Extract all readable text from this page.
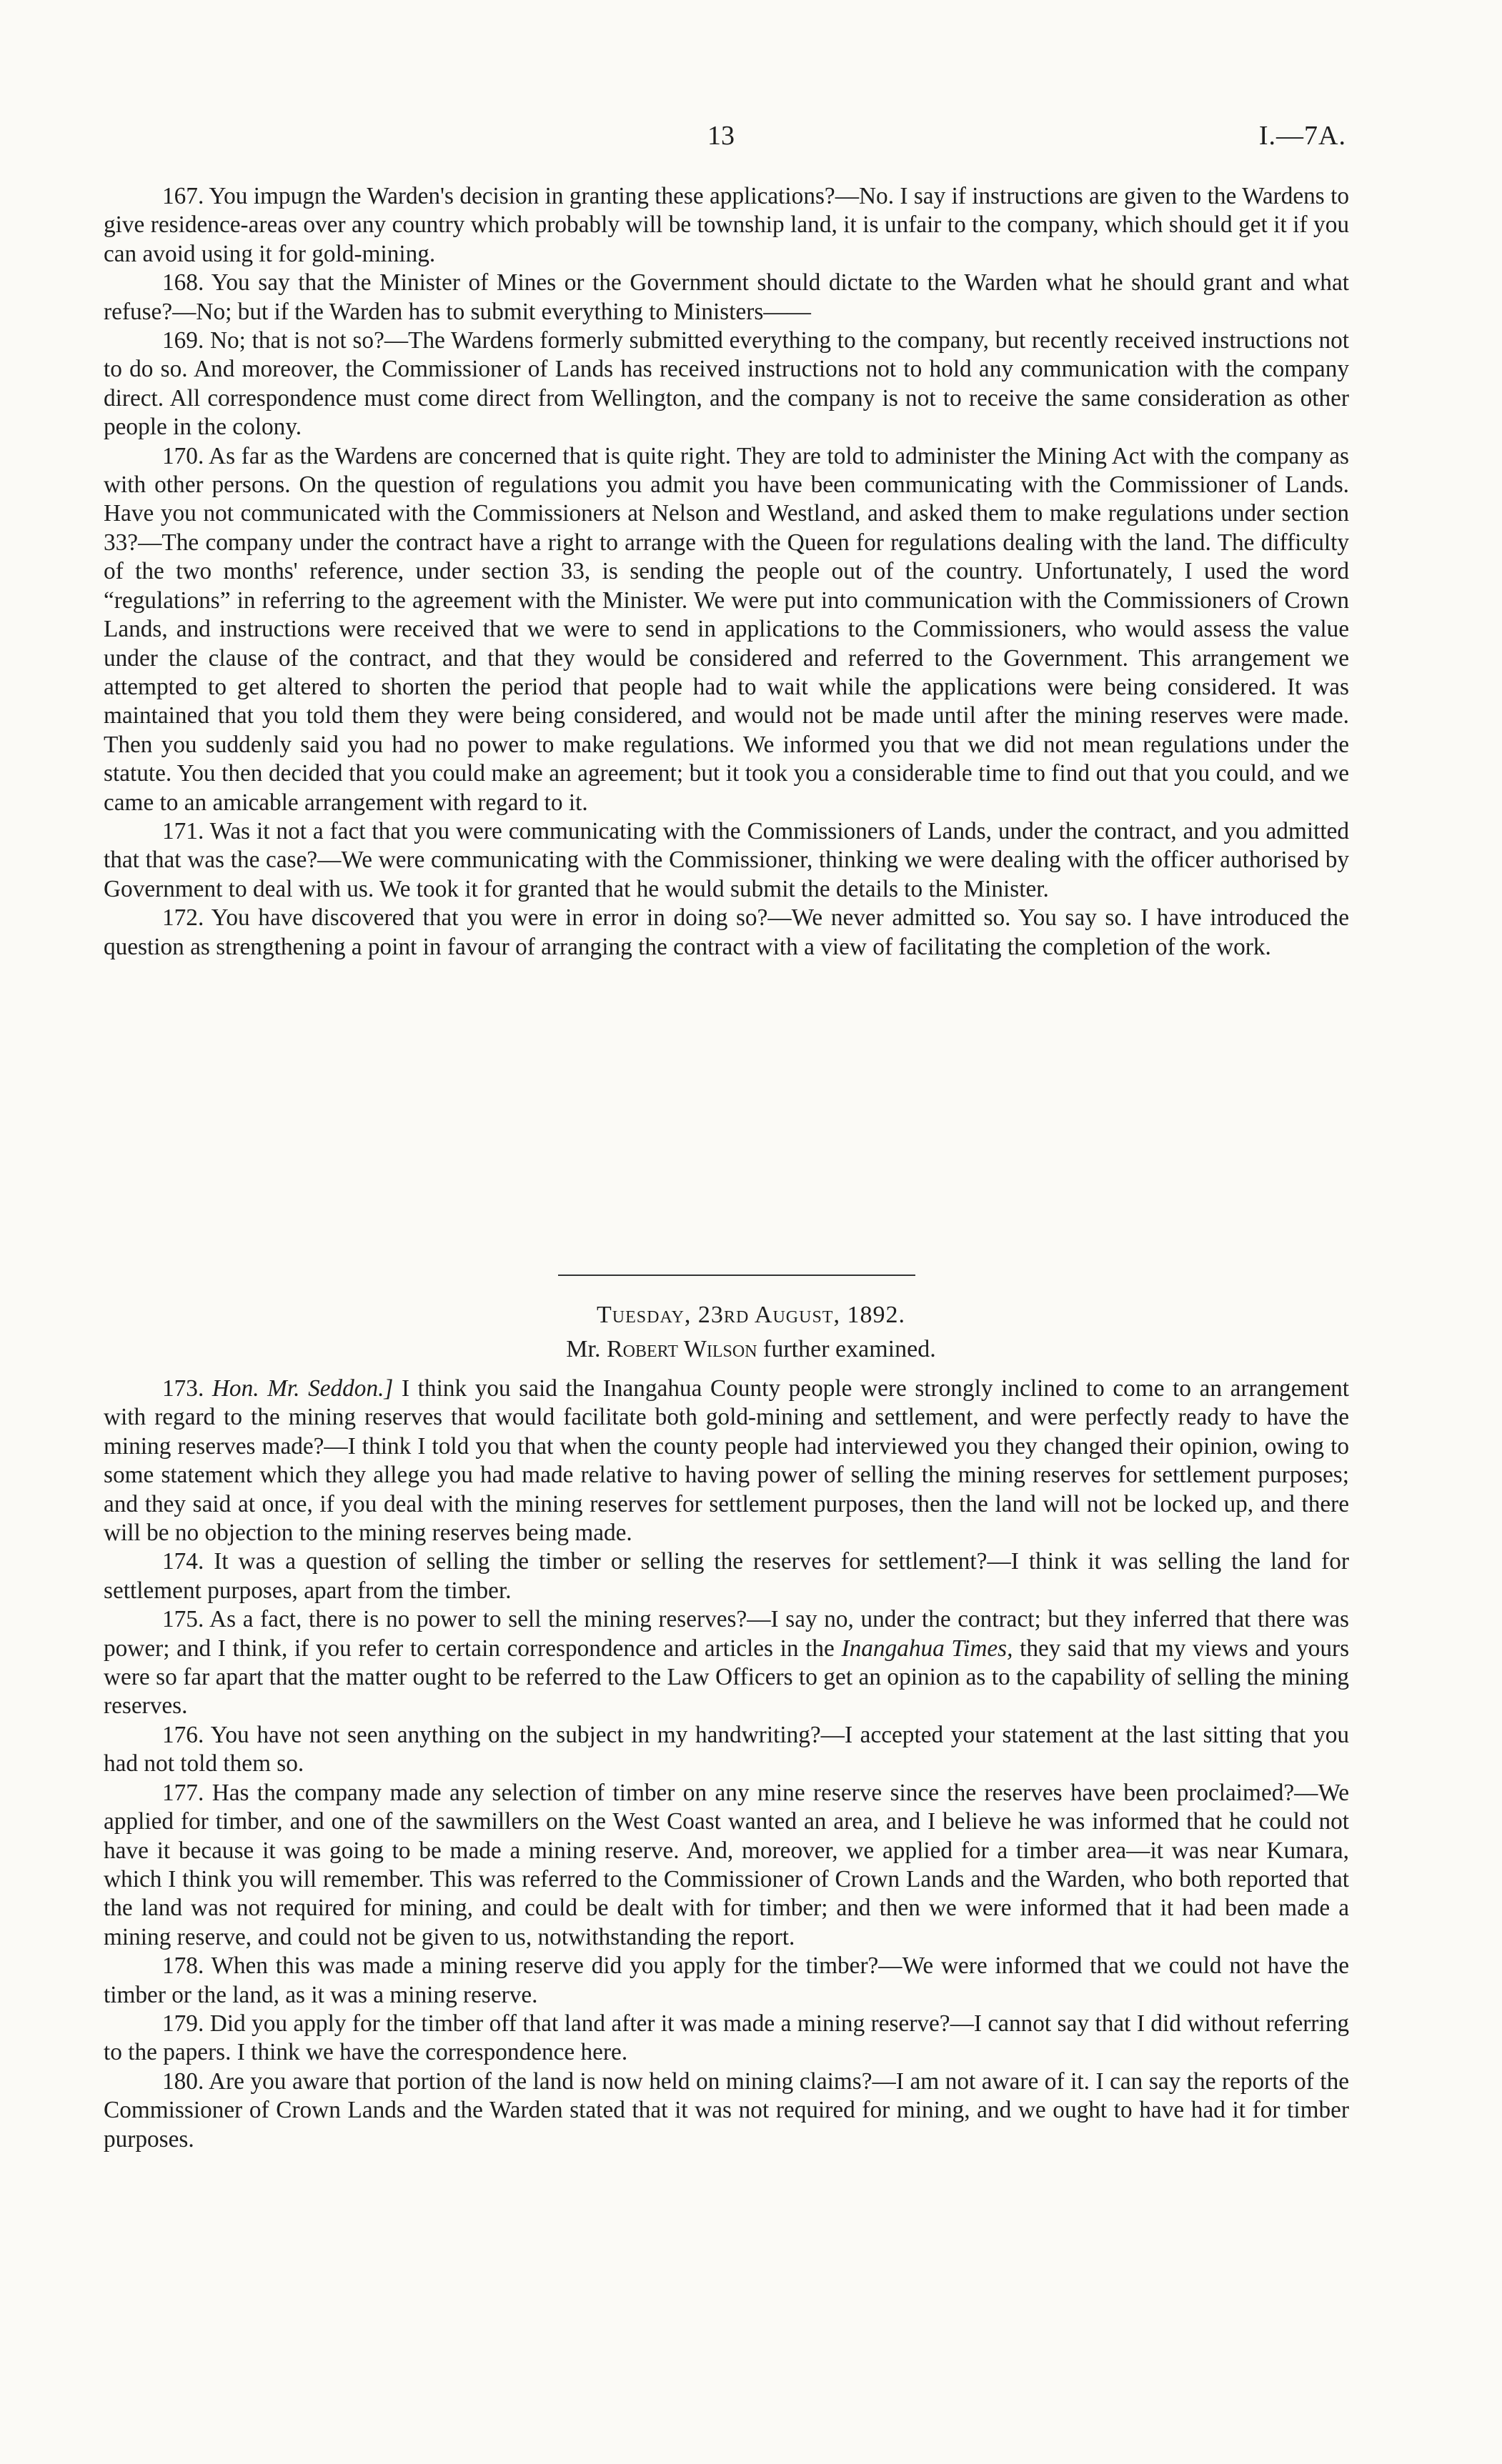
13	I.—7A.

167. You impugn the Warden's decision in granting these applications?—No. I say if instructions are given to the Wardens to give residence-areas over any country which probably will be township land, it is unfair to the company, which should get it if you can avoid using it for gold-mining.

168. You say that the Minister of Mines or the Government should dictate to the Warden what he should grant and what refuse?—No; but if the Warden has to submit everything to Ministers——

169. No; that is not so?—The Wardens formerly submitted everything to the company, but recently received instructions not to do so. And moreover, the Commissioner of Lands has received instructions not to hold any communication with the company direct. All correspondence must come direct from Wellington, and the company is not to receive the same consideration as other people in the colony.

170. As far as the Wardens are concerned that is quite right. They are told to administer the Mining Act with the company as with other persons. On the question of regulations you admit you have been communicating with the Commissioner of Lands. Have you not communicated with the Commissioners at Nelson and Westland, and asked them to make regulations under section 33?—The company under the contract have a right to arrange with the Queen for regulations dealing with the land. The difficulty of the two months' reference, under section 33, is sending the people out of the country. Unfortunately, I used the word “regulations” in referring to the agreement with the Minister. We were put into communication with the Commissioners of Crown Lands, and instructions were received that we were to send in applications to the Commissioners, who would assess the value under the clause of the contract, and that they would be considered and referred to the Government. This arrangement we attempted to get altered to shorten the period that people had to wait while the applications were being considered. It was maintained that you told them they were being considered, and would not be made until after the mining reserves were made. Then you suddenly said you had no power to make regulations. We informed you that we did not mean regulations under the statute. You then decided that you could make an agreement; but it took you a considerable time to find out that you could, and we came to an amicable arrangement with regard to it.

171. Was it not a fact that you were communicating with the Commissioners of Lands, under the contract, and you admitted that that was the case?—We were communicating with the Commissioner, thinking we were dealing with the officer authorised by Government to deal with us. We took it for granted that he would submit the details to the Minister.

172. You have discovered that you were in error in doing so?—We never admitted so. You say so. I have introduced the question as strengthening a point in favour of arranging the contract with a view of facilitating the completion of the work.

Tuesday, 23rd August, 1892.
Mr. Robert Wilson further examined.

173. Hon. Mr. Seddon.] I think you said the Inangahua County people were strongly inclined to come to an arrangement with regard to the mining reserves that would facilitate both gold-mining and settlement, and were perfectly ready to have the mining reserves made?—I think I told you that when the county people had interviewed you they changed their opinion, owing to some statement which they allege you had made relative to having power of selling the mining reserves for settlement purposes; and they said at once, if you deal with the mining reserves for settlement purposes, then the land will not be locked up, and there will be no objection to the mining reserves being made.

174. It was a question of selling the timber or selling the reserves for settlement?—I think it was selling the land for settlement purposes, apart from the timber.

175. As a fact, there is no power to sell the mining reserves?—I say no, under the contract; but they inferred that there was power; and I think, if you refer to certain correspondence and articles in the Inangahua Times, they said that my views and yours were so far apart that the matter ought to be referred to the Law Officers to get an opinion as to the capability of selling the mining reserves.

176. You have not seen anything on the subject in my handwriting?—I accepted your statement at the last sitting that you had not told them so.

177. Has the company made any selection of timber on any mine reserve since the reserves have been proclaimed?—We applied for timber, and one of the sawmillers on the West Coast wanted an area, and I believe he was informed that he could not have it because it was going to be made a mining reserve. And, moreover, we applied for a timber area—it was near Kumara, which I think you will remember. This was referred to the Commissioner of Crown Lands and the Warden, who both reported that the land was not required for mining, and could be dealt with for timber; and then we were informed that it had been made a mining reserve, and could not be given to us, notwithstanding the report.

178. When this was made a mining reserve did you apply for the timber?—We were informed that we could not have the timber or the land, as it was a mining reserve.

179. Did you apply for the timber off that land after it was made a mining reserve?—I cannot say that I did without referring to the papers. I think we have the correspondence here.

180. Are you aware that portion of the land is now held on mining claims?—I am not aware of it. I can say the reports of the Commissioner of Crown Lands and the Warden stated that it was not required for mining, and we ought to have had it for timber purposes.
